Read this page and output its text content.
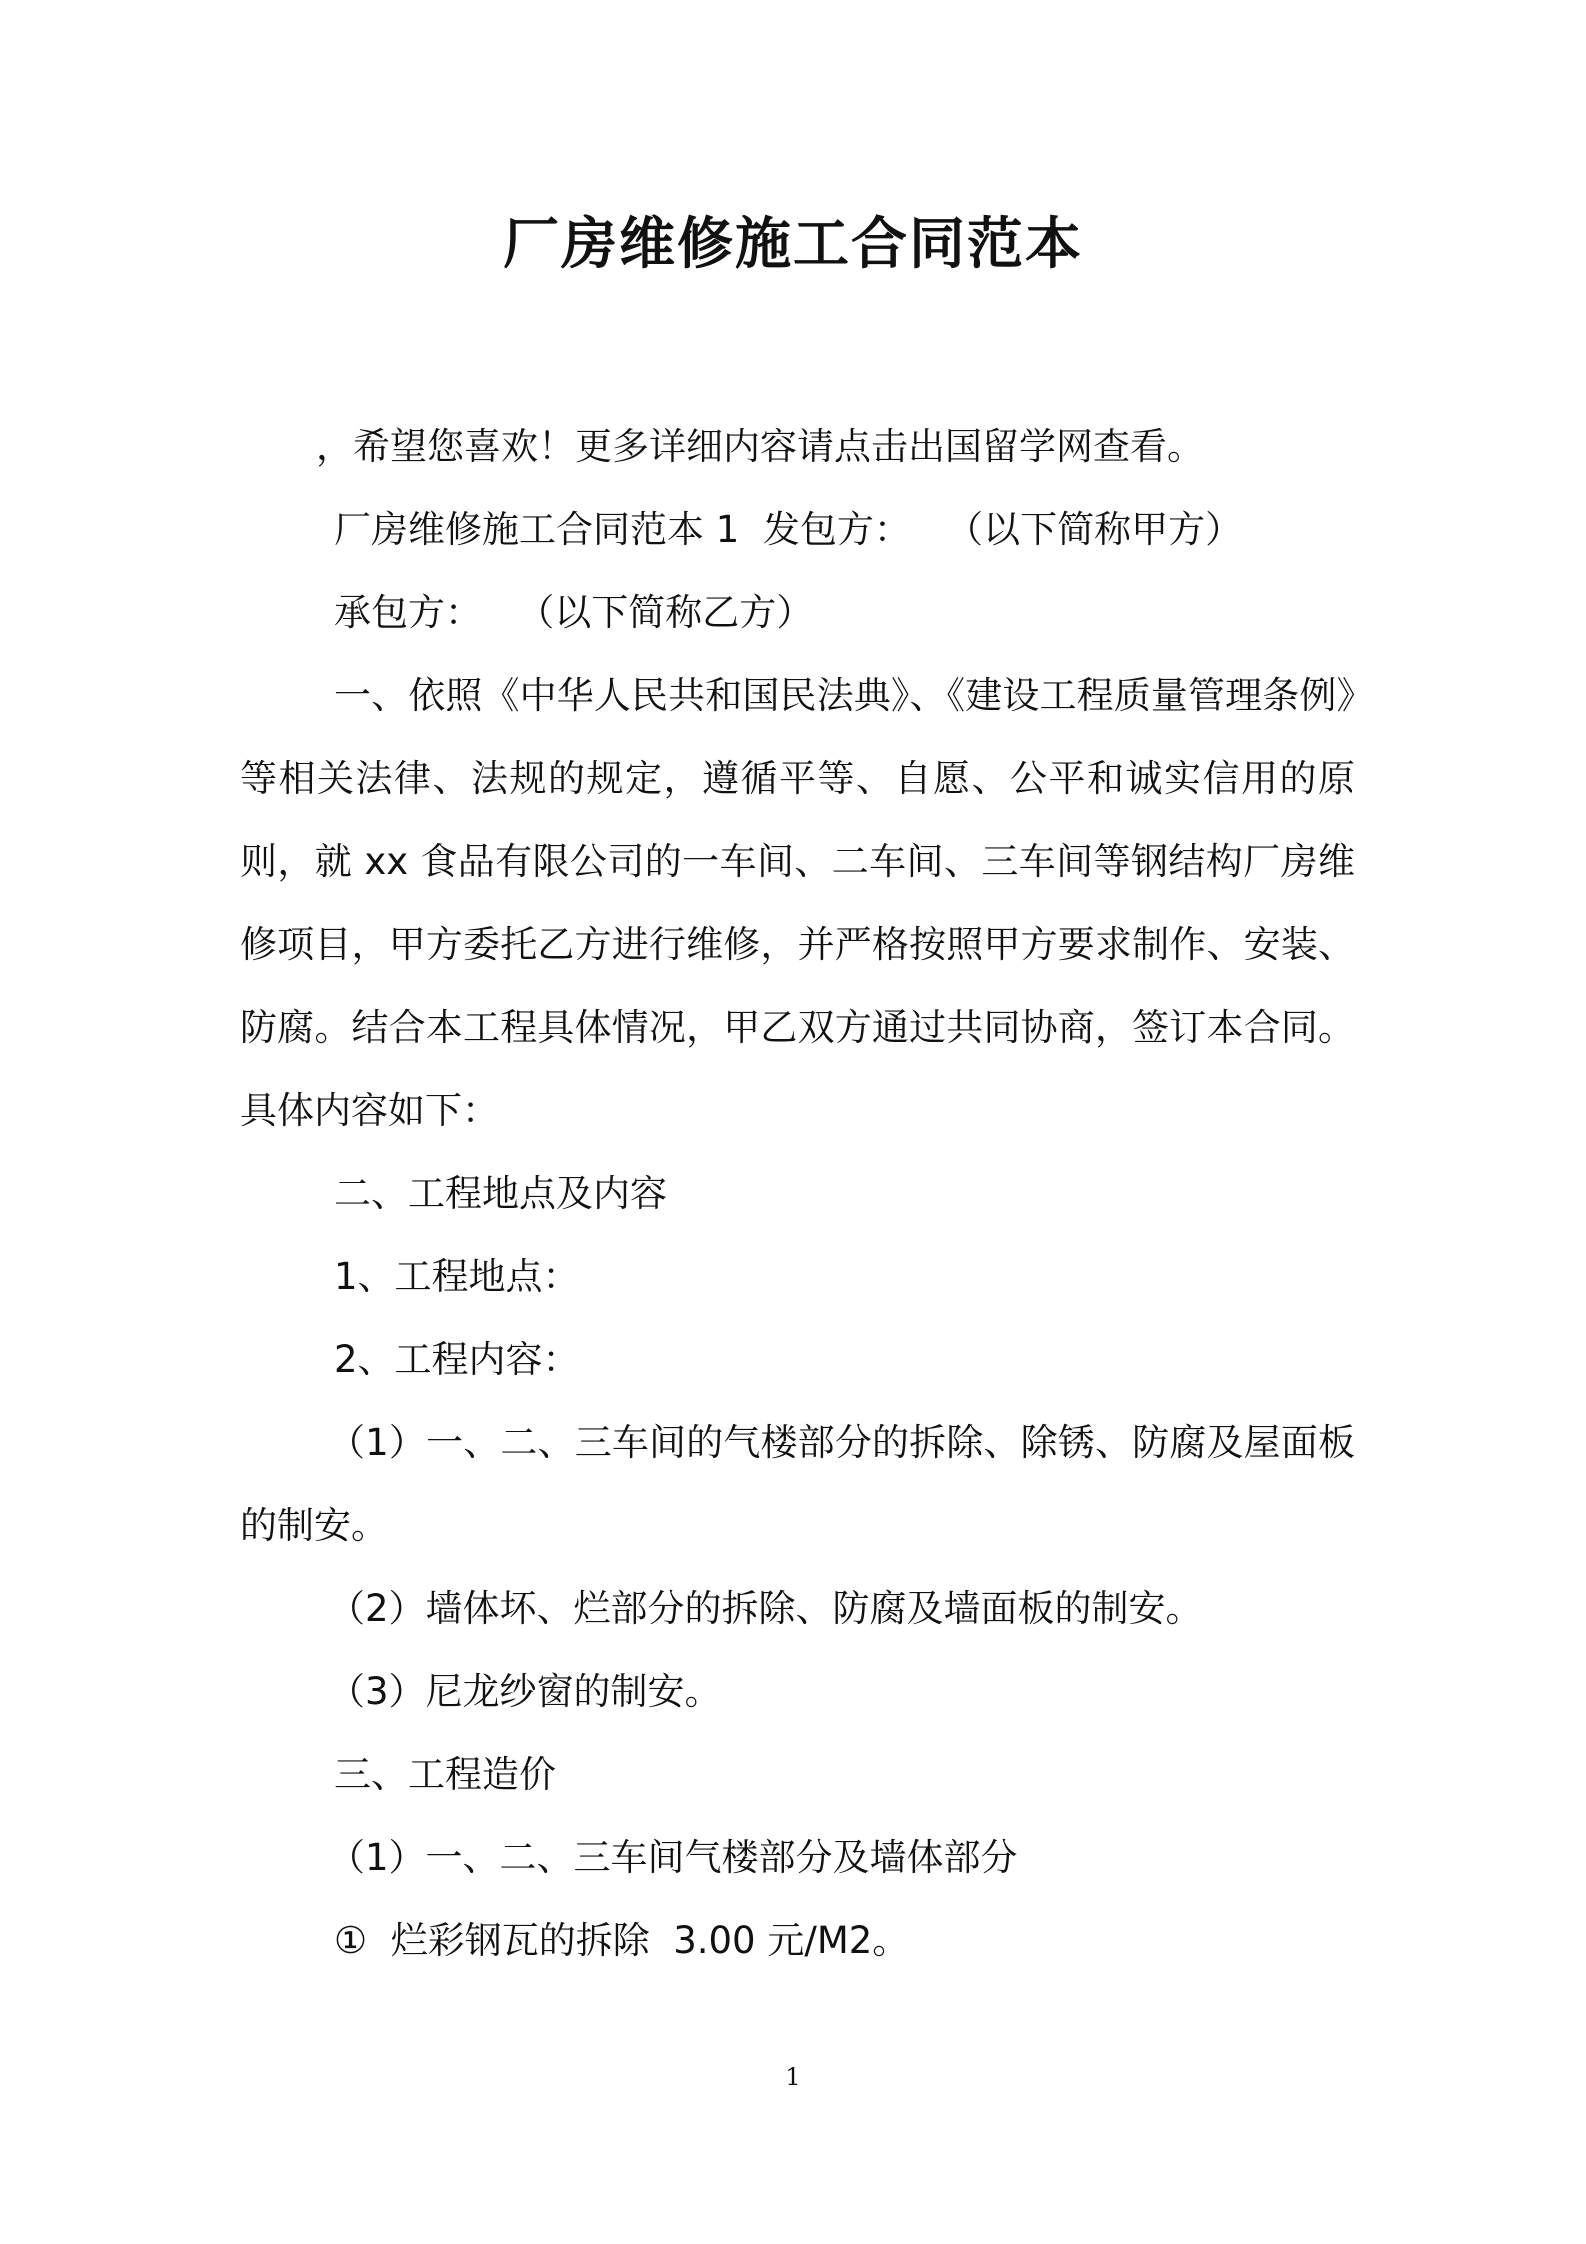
厂房维修施工合同范本

，希望您喜欢！更多详细内容请点击出国留学网查看。

厂房维修施工合同范本 1  发包方：   （以下简称甲方）

承包方：   （以下简称乙方）

一、依照《中华人民共和国民法典》、《建设工程质量管理条例》等相关法律、法规的规定，遵循平等、自愿、公平和诚实信用的原则，就 xx 食品有限公司的一车间、二车间、三车间等钢结构厂房维修项目，甲方委托乙方进行维修，并严格按照甲方要求制作、安装、防腐。结合本工程具体情况，甲乙双方通过共同协商，签订本合同。具体内容如下：

二、工程地点及内容

1、工程地点：

2、工程内容：

（1）一、二、三车间的气楼部分的拆除、除锈、防腐及屋面板的制安。

（2）墙体坏、烂部分的拆除、防腐及墙面板的制安。

（3）尼龙纱窗的制安。

三、工程造价

（1）一、二、三车间气楼部分及墙体部分

①  烂彩钢瓦的拆除  3.00 元/M2。

1
